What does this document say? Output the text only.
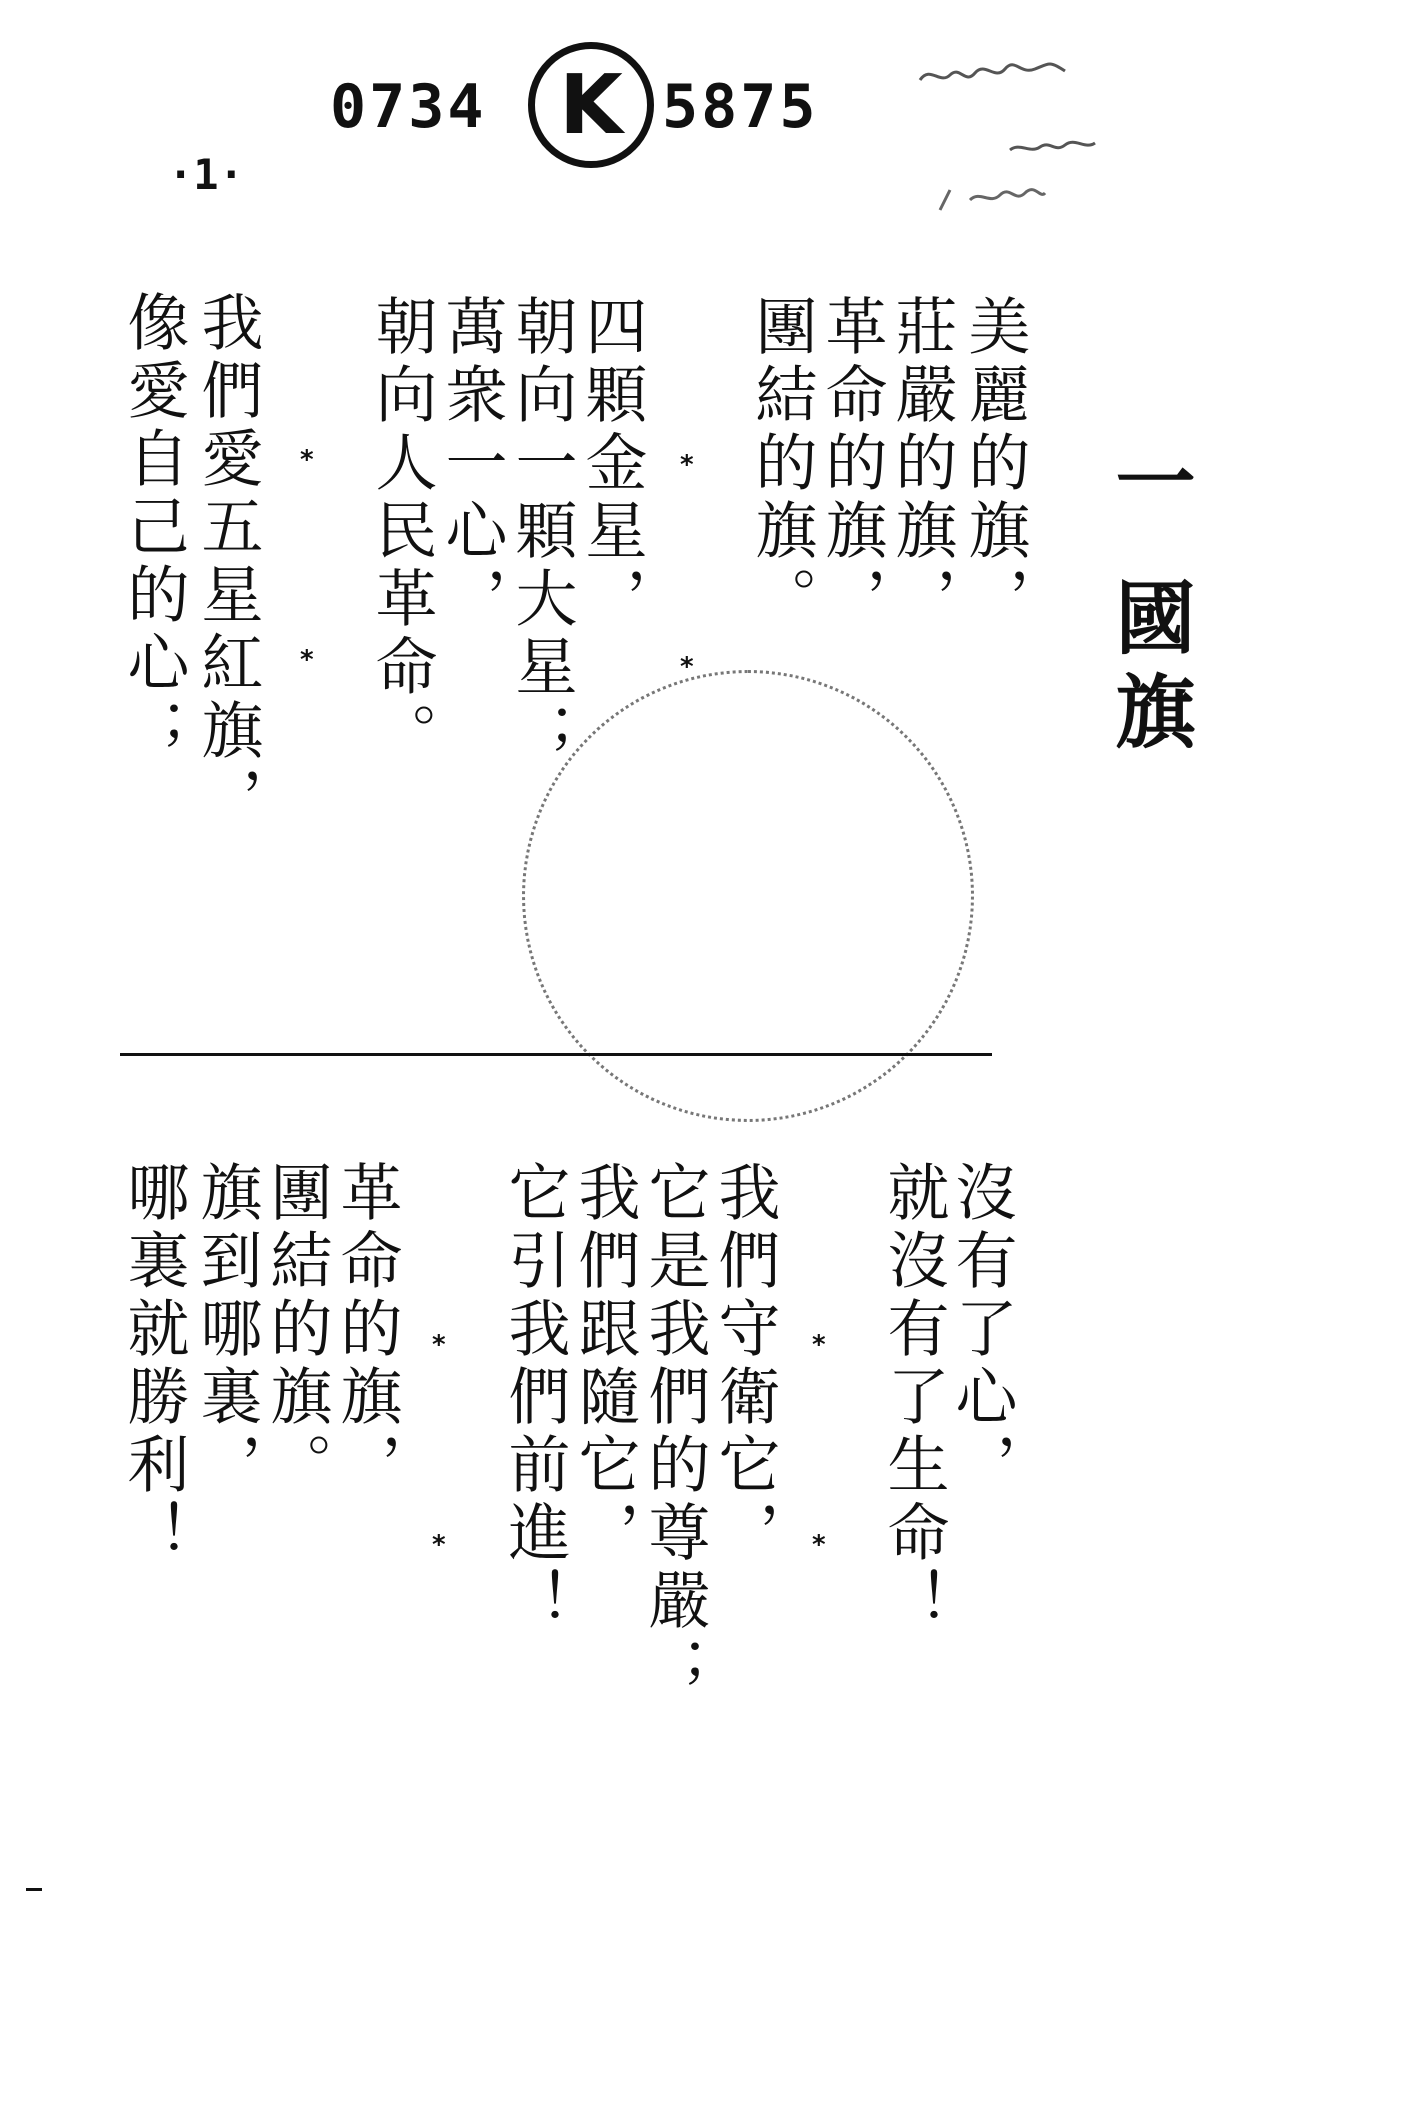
0734 K 5875
·1·
一 國旗
美麗的旗，
莊嚴的旗，
革命的旗，
團結的旗。
*
*
四顆金星，
朝向一顆大星；
萬衆一心，
朝向人民革命。
*
*
我們愛五星紅旗，
像愛自己的心；
沒有了心，
就沒有了生命！
*
*
我們守衛它，
它是我們的尊嚴；
我們跟隨它，
它引我們前進！
*
*
革命的旗，
團結的旗。
旗到哪裏，
哪裏就勝利！
